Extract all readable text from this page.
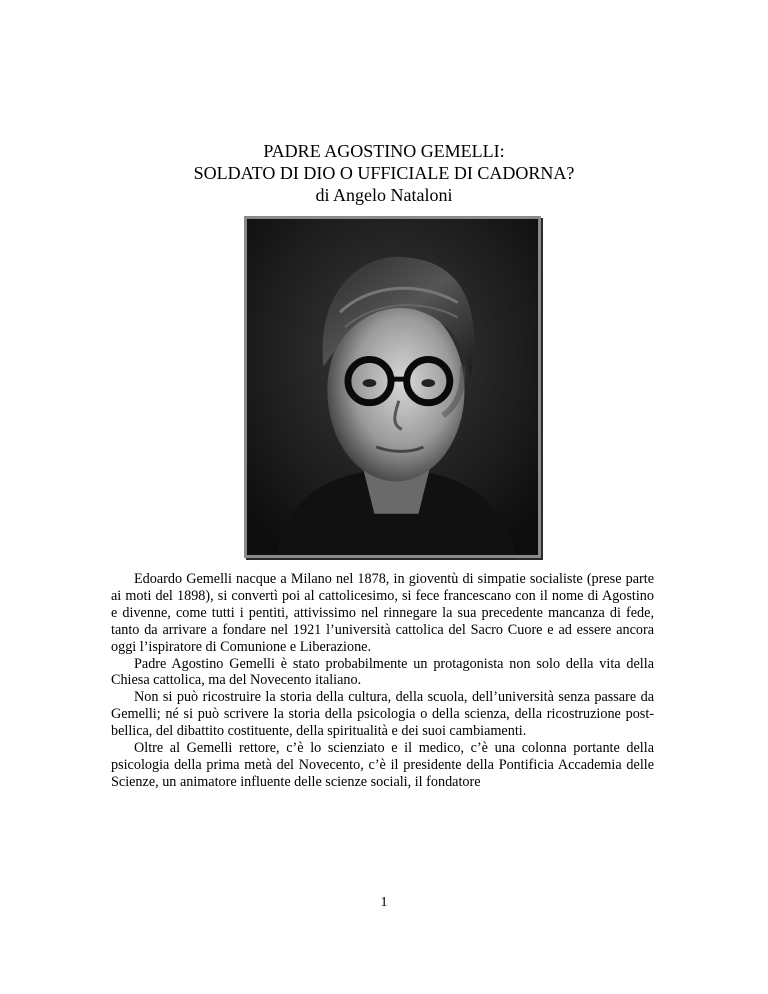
PADRE AGOSTINO GEMELLI:
SOLDATO DI DIO O UFFICIALE DI CADORNA?
di Angelo Nataloni

Edoardo Gemelli nacque a Milano nel 1878, in gioventù di simpatie socialiste (prese parte ai moti del 1898), si convertì poi al cattolicesimo, si fece francescano con il nome di Agostino e divenne, come tutti i pentiti, attivissimo nel rinnegare la sua precedente mancanza di fede, tanto da arrivare a fondare nel 1921 l’università cattolica del Sacro Cuore e ad essere ancora oggi l’ispiratore di Comunione e Liberazione.

Padre Agostino Gemelli è stato probabilmente un protagonista non solo della vita della Chiesa cattolica, ma del Novecento italiano.

Non si può ricostruire la storia della cultura, della scuola, dell’università senza passare da Gemelli; né si può scrivere la storia della psicologia o della scienza, della ricostruzione post-bellica, del dibattito costituente, della spiritualità e dei suoi cambiamenti.

Oltre al Gemelli rettore, c’è lo scienziato e il medico, c’è una colonna portante della psicologia della prima metà del Novecento, c’è il presidente della Pontificia Accademia delle Scienze, un animatore influente delle scienze sociali, il fondatore

1
